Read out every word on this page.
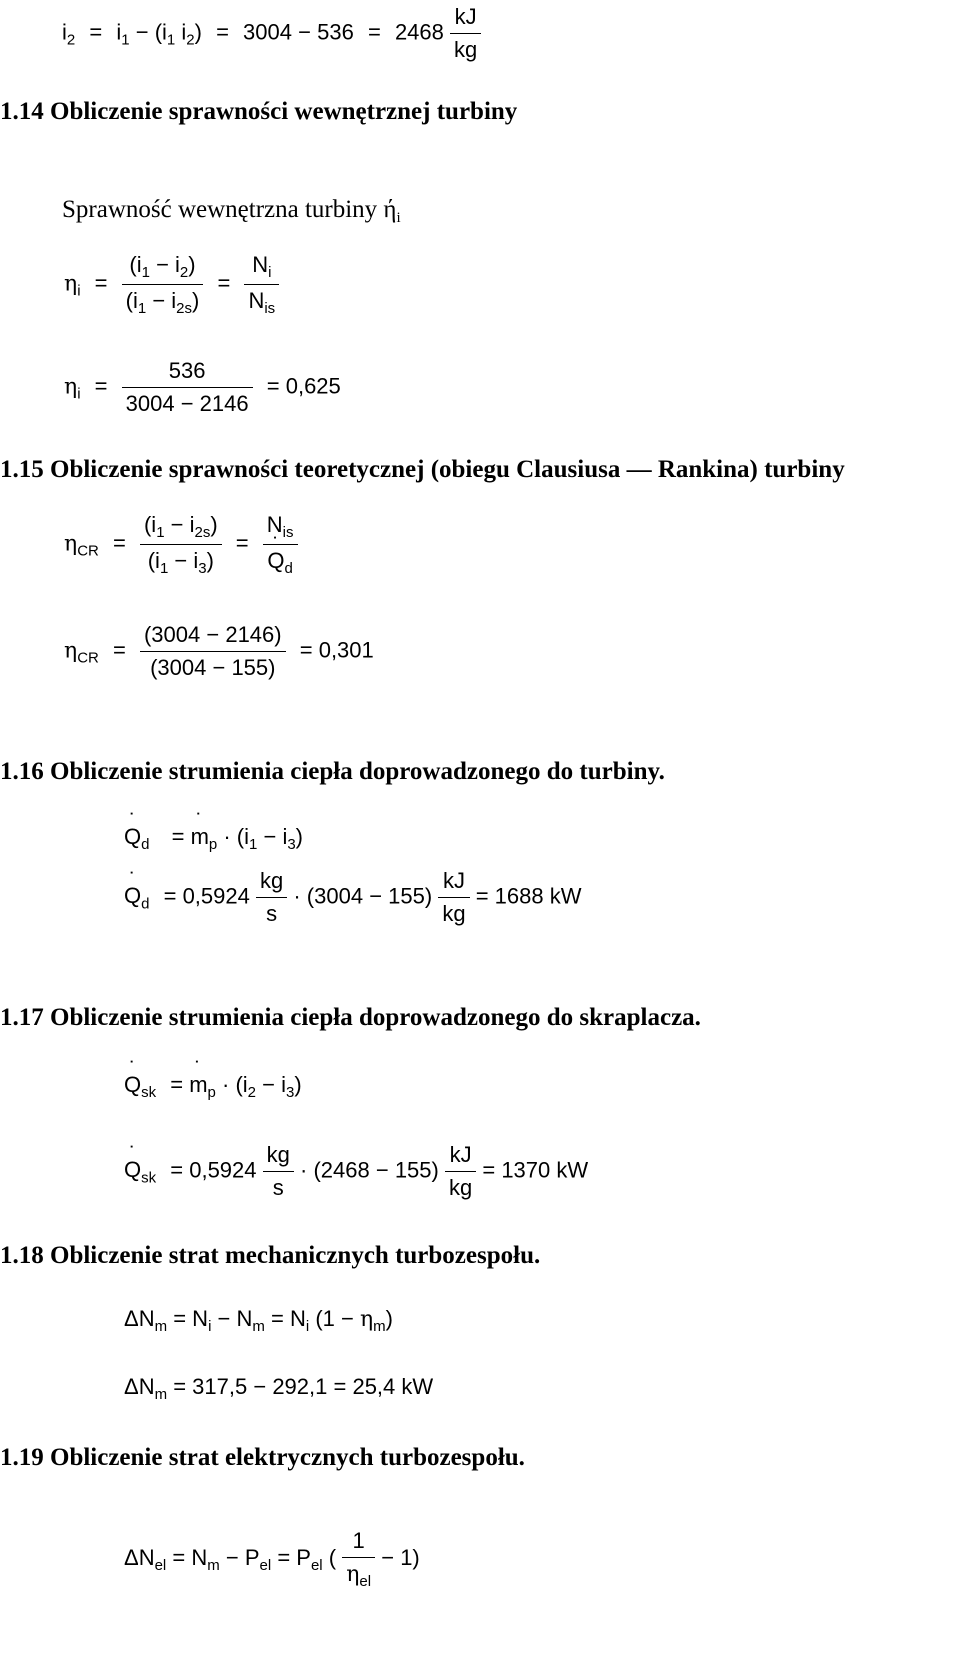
$i_2 = i_1 - (i_1$ $i_2) = 3004 - 536 = 2468 \frac{kJ}{kg}$
1.14 Obliczenie sprawności wewnętrznej turbiny
Sprawność wewnętrzna turbiny $ή_i$
$\eta_i = \frac{(i_1 - i_2)}{(i_1 - i_{2s})} = \frac{N_i}{N_{is}}$
$\eta_i = \frac{536}{3004 - 2146} = 0,625$
1.15 Obliczenie sprawności teoretycznej (obiegu Clausiusa — Rankina) turbiny
$\eta_{CR} = \frac{(i_1 - i_{2s})}{(i_1 - i_3)} = N_{is}$
˙ $Q_d$
$\eta_{CR} = \frac{(3004 - 2146)}{(3004 - 155)} = 0,301$
1.16 Obliczenie strumienia ciepła doprowadzonego do turbiny.
˙ $Q_d$ = ˙ $m_p \cdot (i_1 - i_3)$
˙ $Q_d = 0,5924 \frac{kg}{s} \cdot (3004 - 155) \frac{kJ}{kg} = 1688$ kW
1.17 Obliczenie strumienia ciepła doprowadzonego do skraplacza.
˙ $Q_{sk}$ = ˙ $m_p \cdot (i_2 - i_3)$
˙ $Q_{sk} = 0,5924 \frac{kg}{s} \cdot (2468 - 155) \frac{kJ}{kg} = 1370$ kW
1.18 Obliczenie strat mechanicznych turbozespołu.
$\Delta N_m = N_i - N_m = N_i$ $(1 - \eta_m)$
$\Delta N_m = 317,5 - 292,1 = 25,4$ kW
1.19 Obliczenie strat elektrycznych turbozespołu.
$\Delta N_{el} = N_m - P_{el} = P_{el}$ ( $\frac{1}{\eta_{el}} - 1$)
